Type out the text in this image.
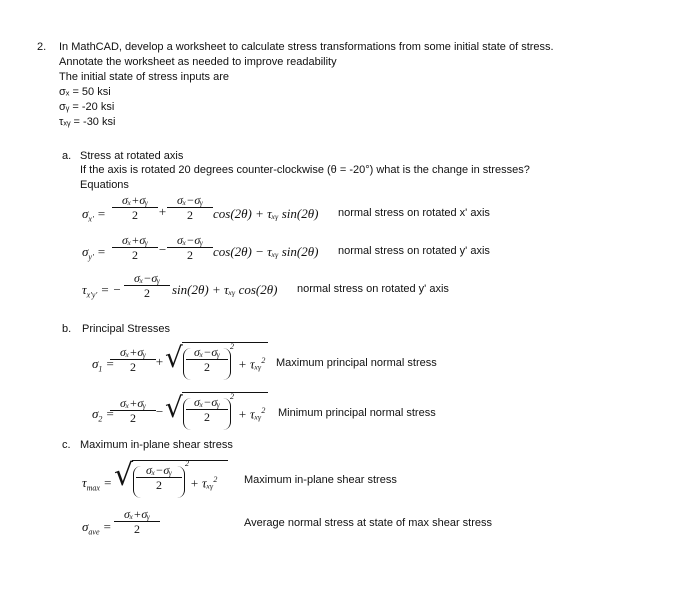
2. In MathCAD, develop a worksheet to calculate stress transformations from some initial state of stress.
Annotate the worksheet as needed to improve readability
The initial state of stress inputs are
σₓ = 50 ksi
σᵧ = -20 ksi
τₓᵧ = -30 ksi
a. Stress at rotated axis
If the axis is rotated 20 degrees counter-clockwise (θ = -20°) what is the change in stresses?
Equations
$\sigma_{x'} = \frac{\text{σₓ+σᵧ}}{2} + \frac{\text{σₓ−σᵧ}}{2} \cos(2\theta)$ + τₓᵧ sin(2θ) normal stress on rotated x' axis
$\sigma_{y'} = \frac{\text{σₓ+σᵧ}}{2} - \frac{\text{σₓ−σᵧ}}{2} \cos(2\theta)$ − τₓᵧ sin(2θ) normal stress on rotated y' axis
$\tau_{x'y'}$ = − $\frac{\text{σₓ−σᵧ}}{2} \sin(2\theta)$ + τₓᵧ cos(2θ) normal stress on rotated y' axis
b. Principal Stresses
$\sigma_1$ =
$\frac{\text{σₓ+σᵧ}}{2}$ + √ $\frac{\text{σₓ−σᵧ}}{2} 2$
+ τₓᵧ$^2$ Maximum principal normal stress
$\sigma_2$ =
$\frac{\text{σₓ+σᵧ}}{2}$ − √ $\frac{\text{σₓ−σᵧ}}{2} 2$
+ τₓᵧ$^2$ Minimum principal normal stress
c. Maximum in-plane shear stress
$\tau_{max}$ = √ $\frac{\text{σₓ−σᵧ}}{2} 2$
+ τₓᵧ$^2$ Maximum in-plane shear stress
$\sigma_{ave} = \frac{\text{σₓ+σᵧ}}{2}$	Average normal stress at state of max shear stress
